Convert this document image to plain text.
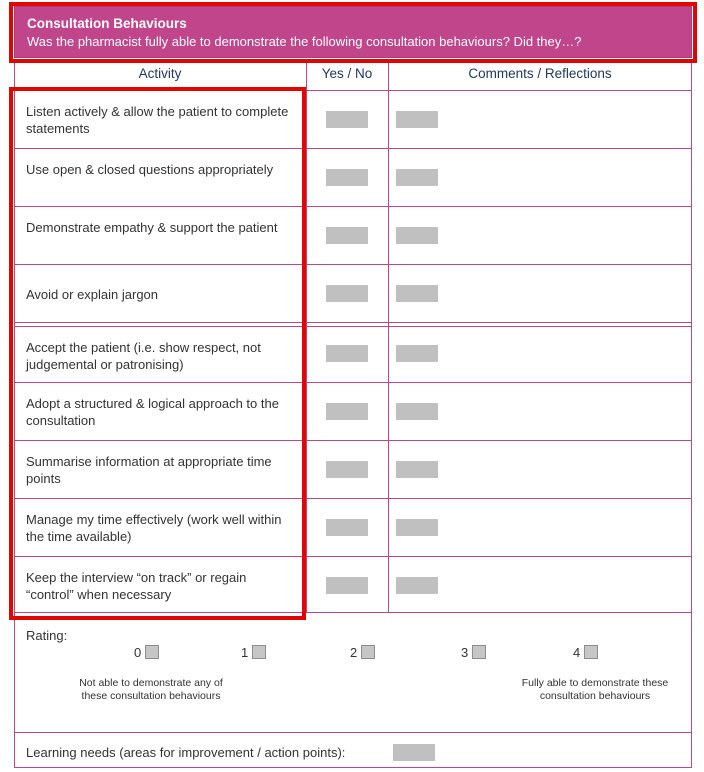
Consultation Behaviours
Was the pharmacist fully able to demonstrate the following consultation behaviours? Did they…?
Activity	Yes / No	Comments / Reflections
Listen actively & allow the patient to complete statements
Use open & closed questions appropriately
Demonstrate empathy & support the patient
Avoid or explain jargon
Accept the patient (i.e. show respect, not judgemental or patronising)
Adopt a structured & logical approach to the consultation
Summarise information at appropriate time points
Manage my time effectively (work well within the time available)
Keep the interview “on track” or regain “control” when necessary
Rating:
0	1	2	3	4
Not able to demonstrate any of these consultation behaviours
Fully able to demonstrate these consultation behaviours
Learning needs (areas for improvement / action points):
